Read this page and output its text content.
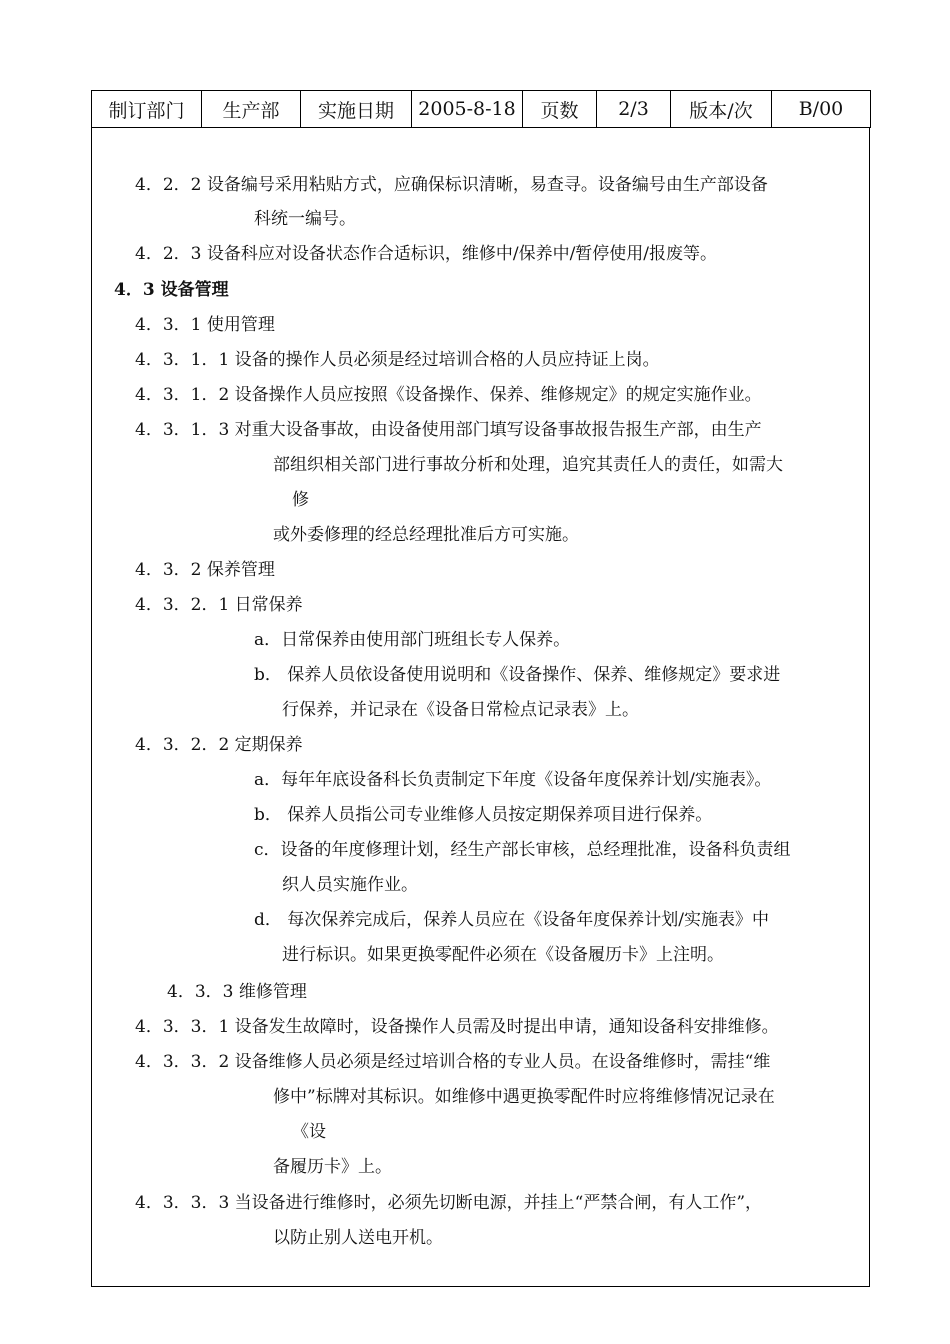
制订部门	生产部	实施日期	2005-8-18	页数	2/3	版本/次	B/00
4．2．2 设备编号采用粘贴方式，应确保标识清晰，易查寻。设备编号由生产部设备
科统一编号。
4．2．3 设备科应对设备状态作合适标识，维修中/保养中/暂停使用/报废等。
4．3 设备管理
4．3．1 使用管理
4．3．1．1 设备的操作人员必须是经过培训合格的人员应持证上岗。
4．3．1．2 设备操作人员应按照《设备操作、保养、维修规定》的规定实施作业。
4．3．1．3 对重大设备事故，由设备使用部门填写设备事故报告报生产部，由生产
部组织相关部门进行事故分析和处理，追究其责任人的责任，如需大
修
或外委修理的经总经理批准后方可实施。
4．3．2 保养管理
4．3．2．1 日常保养
a．日常保养由使用部门班组长专人保养。
b． 保养人员依设备使用说明和《设备操作、保养、维修规定》要求进
行保养，并记录在《设备日常检点记录表》上。
4．3．2．2 定期保养
a．每年年底设备科长负责制定下年度《设备年度保养计划/实施表》。
b． 保养人员指公司专业维修人员按定期保养项目进行保养。
c．设备的年度修理计划，经生产部长审核，总经理批准，设备科负责组
织人员实施作业。
d． 每次保养完成后，保养人员应在《设备年度保养计划/实施表》中
进行标识。如果更换零配件必须在《设备履历卡》上注明。
4．3．3 维修管理
4．3．3．1 设备发生故障时，设备操作人员需及时提出申请，通知设备科安排维修。
4．3．3．2 设备维修人员必须是经过培训合格的专业人员。在设备维修时，需挂“维
修中”标牌对其标识。如维修中遇更换零配件时应将维修情况记录在
《设
备履历卡》上。
4．3．3．3 当设备进行维修时，必须先切断电源，并挂上“严禁合闸，有人工作”，
以防止别人送电开机。
